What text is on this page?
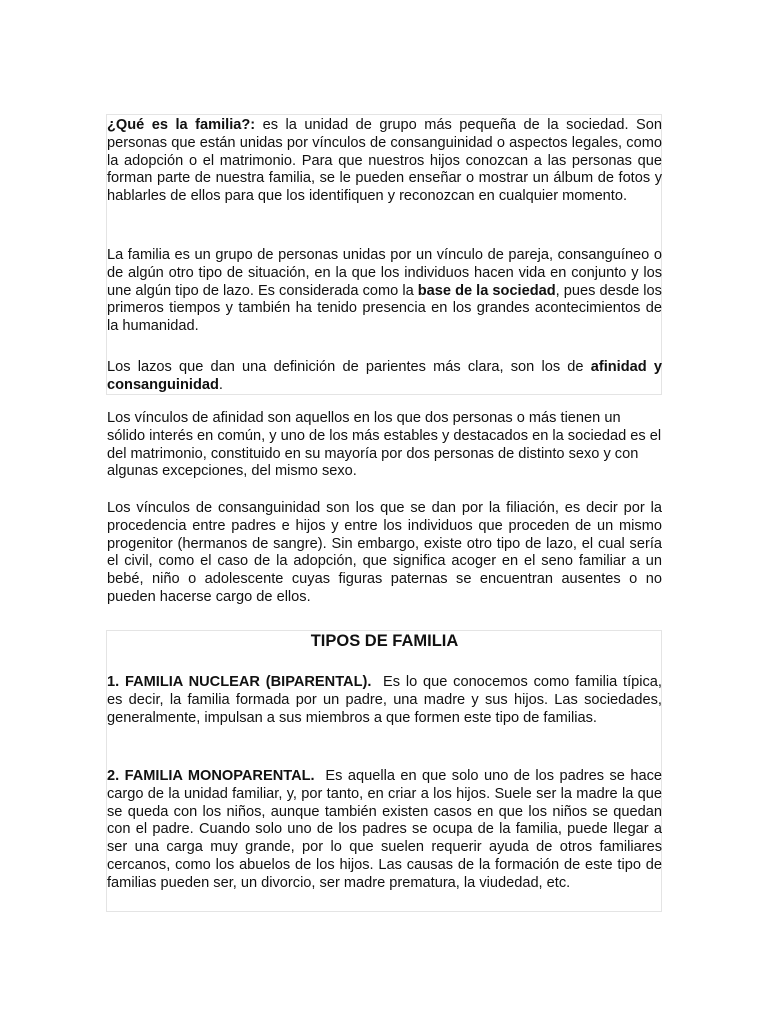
¿Qué es la familia?: es la unidad de grupo más pequeña de la sociedad. Son personas que están unidas por vínculos de consanguinidad o aspectos legales, como la adopción o el matrimonio. Para que nuestros hijos conozcan a las personas que forman parte de nuestra familia, se le pueden enseñar o mostrar un álbum de fotos y hablarles de ellos para que los identifiquen y reconozcan en cualquier momento.

La familia es un grupo de personas unidas por un vínculo de pareja, consanguíneo o de algún otro tipo de situación, en la que los individuos hacen vida en conjunto y los une algún tipo de lazo. Es considerada como la base de la sociedad, pues desde los primeros tiempos y también ha tenido presencia en los grandes acontecimientos de la humanidad.

Los lazos que dan una definición de parientes más clara, son los de afinidad y consanguinidad.

Los vínculos de afinidad son aquellos en los que dos personas o más tienen un sólido interés en común, y uno de los más estables y destacados en la sociedad es el del matrimonio, constituido en su mayoría por dos personas de distinto sexo y con algunas excepciones, del mismo sexo.

Los vínculos de consanguinidad son los que se dan por la filiación, es decir por la procedencia entre padres e hijos y entre los individuos que proceden de un mismo progenitor (hermanos de sangre). Sin embargo, existe otro tipo de lazo, el cual sería el civil, como el caso de la adopción, que significa acoger en el seno familiar a un bebé, niño o adolescente cuyas figuras paternas se encuentran ausentes o no pueden hacerse cargo de ellos.

TIPOS DE FAMILIA

1. FAMILIA NUCLEAR (BIPARENTAL).  Es lo que conocemos como familia típica, es decir, la familia formada por un padre, una madre y sus hijos. Las sociedades, generalmente, impulsan a sus miembros a que formen este tipo de familias.

2. FAMILIA MONOPARENTAL.  Es aquella en que solo uno de los padres se hace cargo de la unidad familiar, y, por tanto, en criar a los hijos. Suele ser la madre la que se queda con los niños, aunque también existen casos en que los niños se quedan con el padre. Cuando solo uno de los padres se ocupa de la familia, puede llegar a ser una carga muy grande, por lo que suelen requerir ayuda de otros familiares cercanos, como los abuelos de los hijos. Las causas de la formación de este tipo de familias pueden ser, un divorcio, ser madre prematura, la viudedad, etc.
